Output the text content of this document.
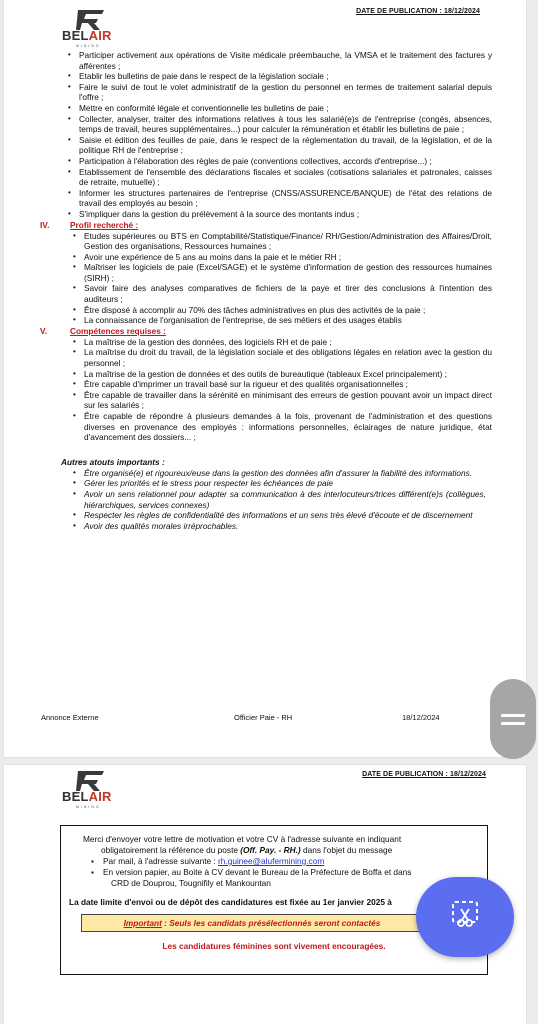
DATE DE PUBLICATION : 18/12/2024
BELAIR
MINING
• Participer activement aux opérations de Visite médicale préembauche, la VMSA et le traitement des factures y afférentes ;
• Etablir les bulletins de paie dans le respect de la législation sociale ;
• Faire le suivi de tout le volet administratif de la gestion du personnel en termes de traitement salarial depuis l'offre ;
• Mettre en conformité légale et conventionnelle les bulletins de paie ;
• Collecter, analyser, traiter des informations relatives à tous les salarié(e)s de l'entreprise (congés, absences, temps de travail, heures supplémentaires...) pour calculer la rémunération et établir les bulletins de paie ;
• Saisie et édition des feuilles de paie, dans le respect de la réglementation du travail, de la législation, et de la politique RH de l'entreprise ;
• Participation à l'élaboration des règles de paie (conventions collectives, accords d'entreprise...) ;
• Etablissement de l'ensemble des déclarations fiscales et sociales (cotisations salariales et patronales, caisses de retraite, mutuelle) ;
• Informer les structures partenaires de l'entreprise (CNSS/ASSURENCE/BANQUE) de l'état des relations de travail des employés au besoin ;
• S'impliquer dans la gestion du prélèvement à la source des montants indus ;
IV. Profil recherché :
• Etudes supérieures ou BTS en Comptabilité/Statistique/Finance/ RH/Gestion/Administration des Affaires/Droit, Gestion des organisations, Ressources humaines ;
• Avoir une expérience de 5 ans au moins dans la paie et le métier RH ;
• Maîtriser les logiciels de paie (Excel/SAGE) et le système d'information de gestion des ressources humaines (SIRH) ;
• Savoir faire des analyses comparatives de fichiers de la paye et tirer des conclusions à l'intention des auditeurs ;
• Être disposé à accomplir au 70% des tâches administratives en plus des activités de la paie ;
• La connaissance de l'organisation de l'entreprise, de ses métiers et des usages établis
V.	Compétences requises :
• La maîtrise de la gestion des données, des logiciels RH et de paie ;
• La maîtrise du droit du travail, de la législation sociale et des obligations légales en relation avec la gestion du personnel ;
• La maîtrise de la gestion de données et des outils de bureautique (tableaux Excel principalement) ;
• Être capable d'imprimer un travail basé sur la rigueur et des qualités organisationnelles ;
• Être capable de travailler dans la sérénité en minimisant des erreurs de gestion pouvant avoir un impact direct sur les salariés ;
• Être capable de répondre à plusieurs demandes à la fois, provenant de l'administration et des questions diverses en provenance des employés : informations personnelles, éclairages de nature juridique, état d'avancement des dossiers... ;
Autres atouts importants :
• Être organisé(e) et rigoureux/euse dans la gestion des données afin d'assurer la fiabilité des informations.
• Gérer les priorités et le stress pour respecter les échéances de paie
• Avoir un sens relationnel pour adapter sa communication à des interlocuteurs/trices différent(e)s (collègues, hiérarchiques, services connexes)
• Respecter les règles de confidentialité des informations et un sens très élevé d'écoute et de discernement
• Avoir des qualités morales irréprochables.
Annonce Externe	Officier Paie - RH	18/12/2024
DATE DE PUBLICATION : 18/12/2024
BELAIR
MINING
Merci d'envoyer votre lettre de motivation et votre CV à l'adresse suivante en indiquant
obligatoirement la référence du poste (Off. Pay. - RH.) dans l'objet du message
▪ Par mail, à l'adresse suivante : rh.guinee@alufermining.com
▪ En version papier, au Boite à CV devant le Bureau de la Préfecture de Boffa et dans
CRD de Douprou, Tougnifily et Mankountan
La date limite d'envoi ou de dépôt des candidatures est fixée au 1er janvier 2025 à
Important : Seuls les candidats présélectionnés seront contactés
Les candidatures féminines sont vivement encouragées.
